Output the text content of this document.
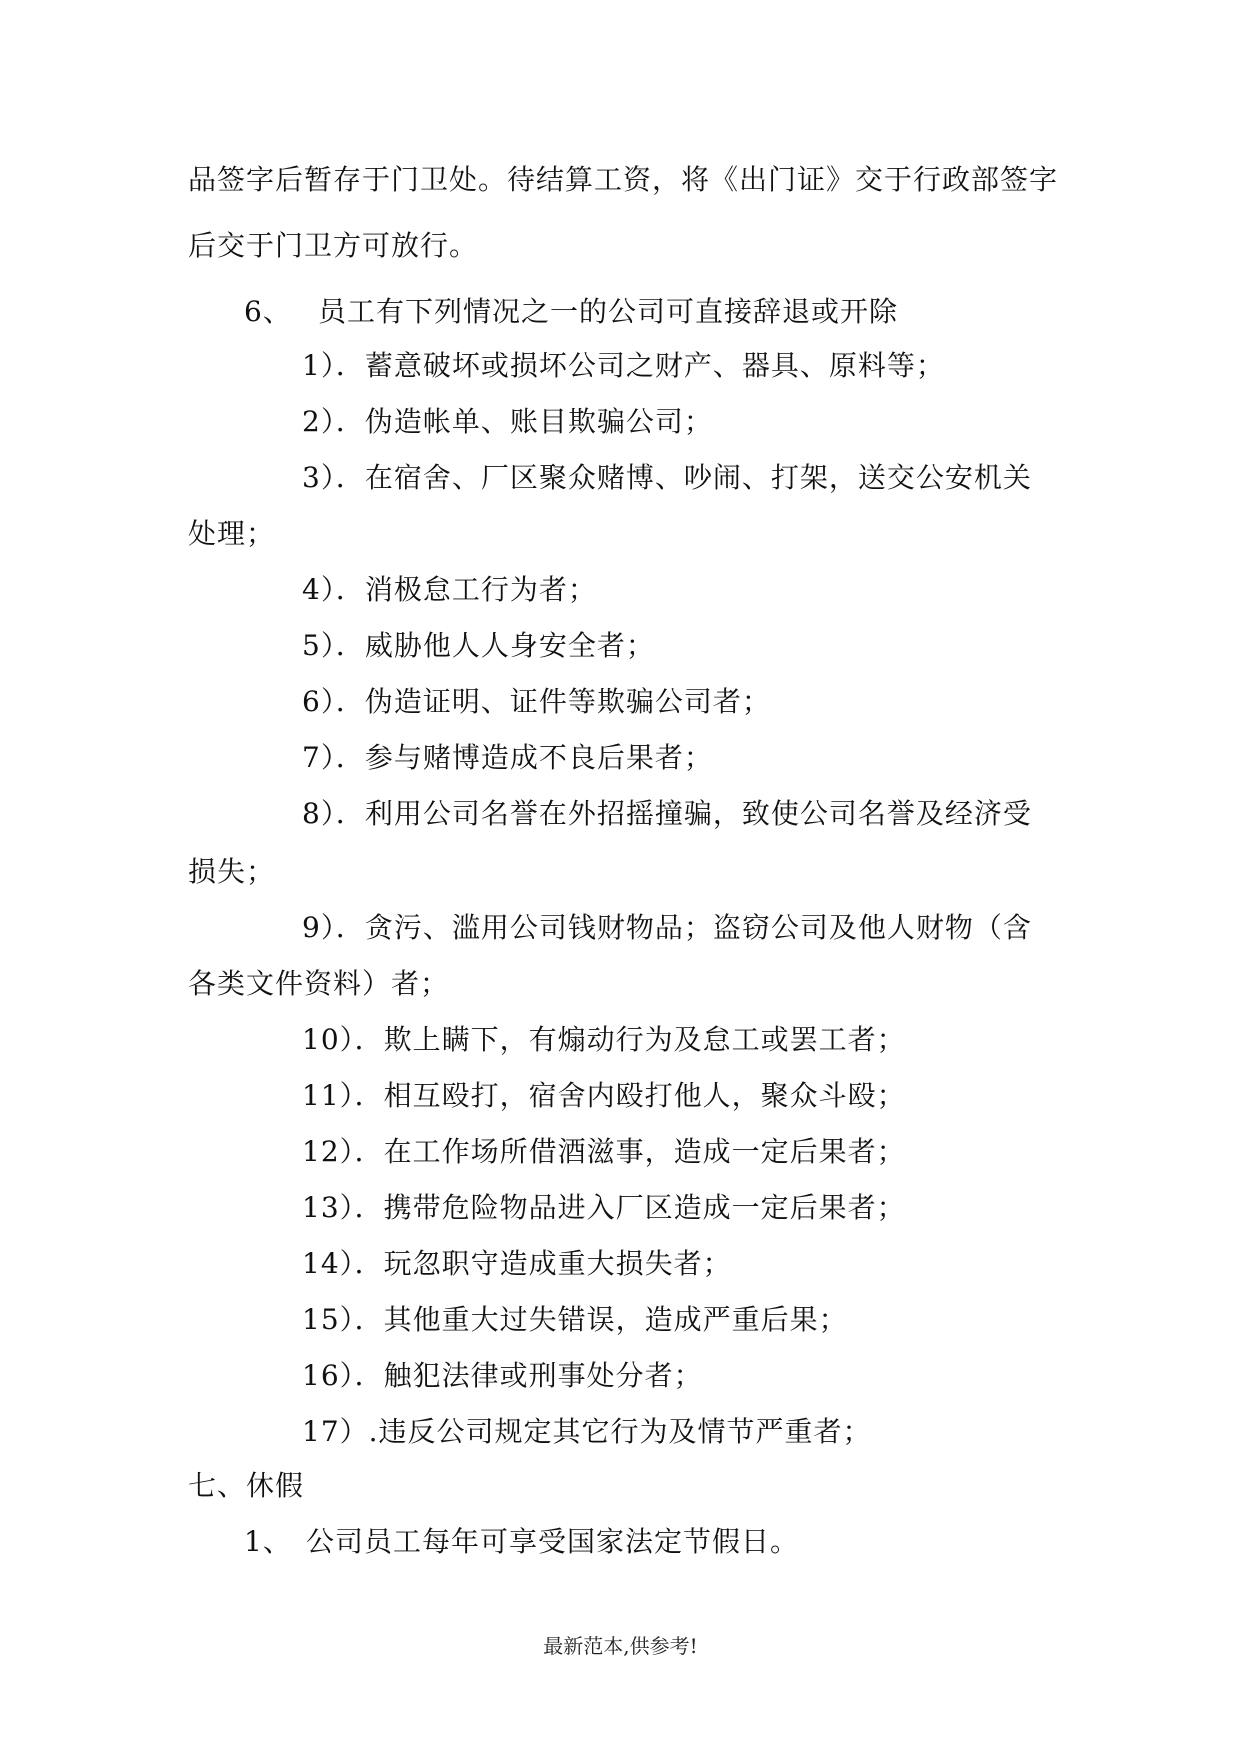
品签字后暂存于门卫处。待结算工资，将《出门证》交于行政部签字
后交于门卫方可放行。
6、 员工有下列情况之一的公司可直接辞退或开除
1）．蓄意破坏或损坏公司之财产、器具、原料等；
2）．伪造帐单、账目欺骗公司；
3）．在宿舍、厂区聚众赌博、吵闹、打架，送交公安机关
处理；
4）．消极怠工行为者；
5）．威胁他人人身安全者；
6）．伪造证明、证件等欺骗公司者；
7）．参与赌博造成不良后果者；
8）．利用公司名誉在外招摇撞骗，致使公司名誉及经济受
损失；
9）．贪污、滥用公司钱财物品；盗窃公司及他人财物（含
各类文件资料）者；
10）．欺上瞒下，有煽动行为及怠工或罢工者；
11）．相互殴打，宿舍内殴打他人，聚众斗殴；
12）．在工作场所借酒滋事，造成一定后果者；
13）．携带危险物品进入厂区造成一定后果者；
14）．玩忽职守造成重大损失者；
15）．其他重大过失错误，造成严重后果；
16）．触犯法律或刑事处分者；
17）.违反公司规定其它行为及情节严重者；
七、休假
1、 公司员工每年可享受国家法定节假日。
最新范本,供参考!
